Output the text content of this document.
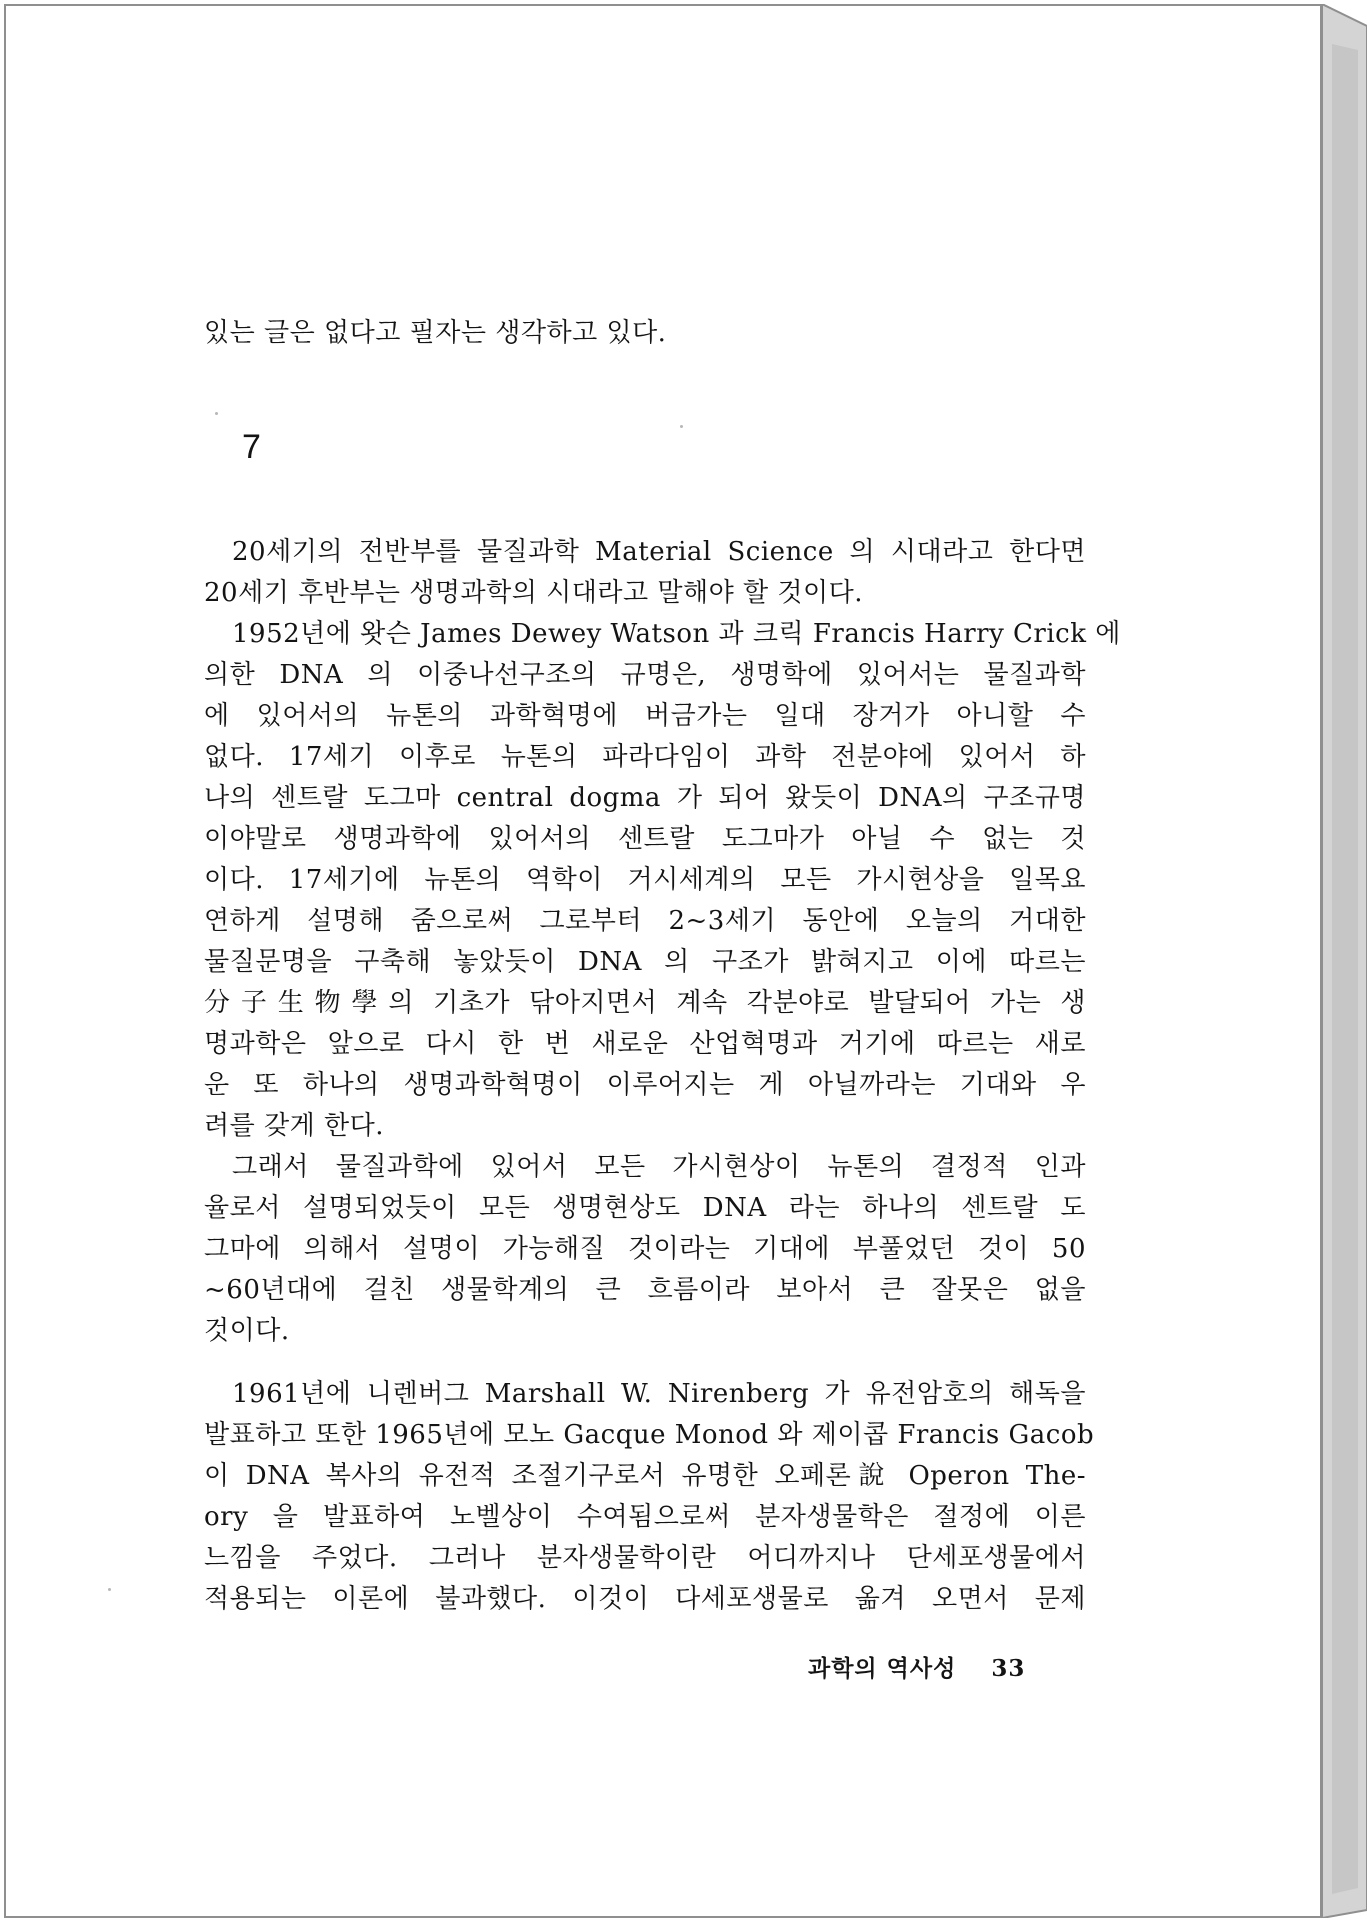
있는 글은 없다고 필자는 생각하고 있다.
7
20세기의 전반부를 물질과학 Material Science 의 시대라고 한다면
20세기 후반부는 생명과학의 시대라고 말해야 할 것이다.
1952년에 왓슨 James Dewey Watson 과 크릭 Francis Harry Crick 에
의한 DNA 의 이중나선구조의 규명은, 생명학에 있어서는 물질과학
에 있어서의 뉴톤의 과학혁명에 버금가는 일대 장거가 아니할 수
없다. 17세기 이후로 뉴톤의 파라다임이 과학 전분야에 있어서 하
나의 센트랄 도그마 central dogma 가 되어 왔듯이 DNA의 구조규명
이야말로 생명과학에 있어서의 센트랄 도그마가 아닐 수 없는 것
이다. 17세기에 뉴톤의 역학이 거시세계의 모든 가시현상을 일목요
연하게 설명해 줌으로써 그로부터 2~3세기 동안에 오늘의 거대한
물질문명을 구축해 놓았듯이 DNA 의 구조가 밝혀지고 이에 따르는
分子生物學의 기초가 닦아지면서 계속 각분야로 발달되어 가는 생
명과학은 앞으로 다시 한 번 새로운 산업혁명과 거기에 따르는 새로
운 또 하나의 생명과학혁명이 이루어지는 게 아닐까라는 기대와 우
려를 갖게 한다.
그래서 물질과학에 있어서 모든 가시현상이 뉴톤의 결정적 인과
율로서 설명되었듯이 모든 생명현상도 DNA 라는 하나의 센트랄 도
그마에 의해서 설명이 가능해질 것이라는 기대에 부풀었던 것이 50
~60년대에 걸친 생물학계의 큰 흐름이라 보아서 큰 잘못은 없을
것이다.
1961년에 니렌버그 Marshall W. Nirenberg 가 유전암호의 해독을
발표하고 또한 1965년에 모노 Gacque Monod 와 제이콥 Francis Gacob
이 DNA 복사의 유전적 조절기구로서 유명한 오페론說 Operon The-
ory 을 발표하여 노벨상이 수여됨으로써 분자생물학은 절정에 이른
느낌을 주었다. 그러나 분자생물학이란 어디까지나 단세포생물에서
적용되는 이론에 불과했다. 이것이 다세포생물로 옮겨 오면서 문제
과학의 역사성 33
